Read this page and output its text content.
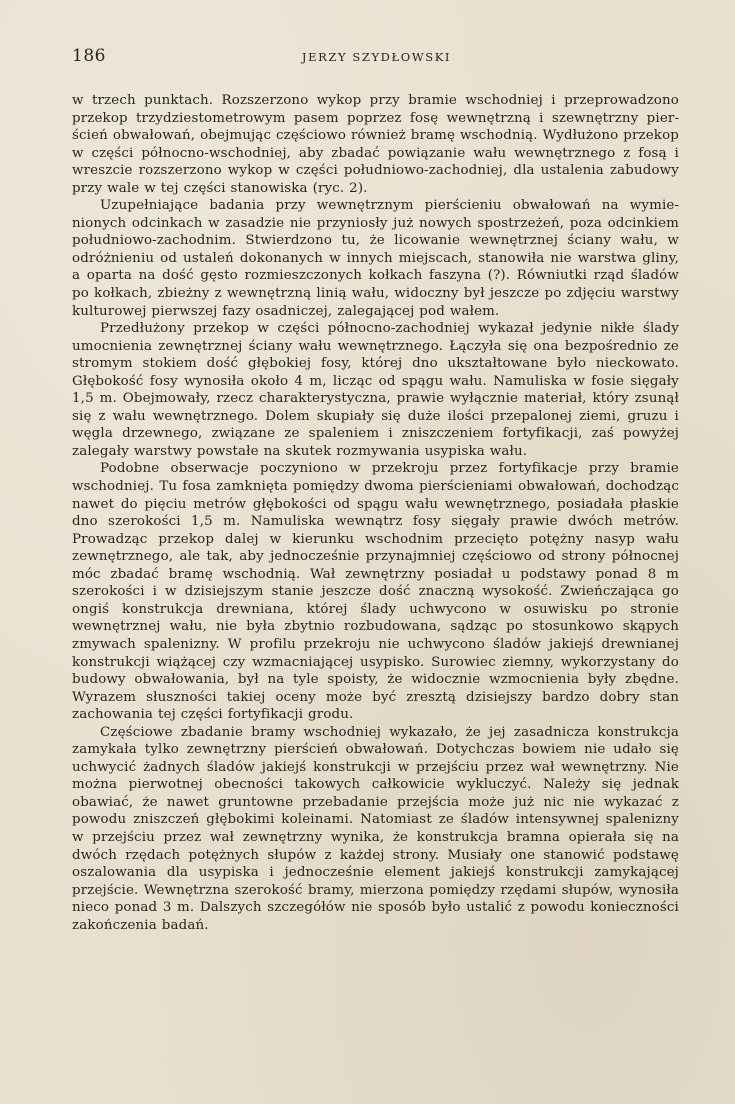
186	JERZY SZYDŁOWSKI

w trzech punktach. Rozszerzono wykop przy bramie wschodniej i przeprowadzono przekop trzydziestometrowym pasem poprzez fosę wewnętrzną i szewnętrzny pierścień obwałowań, obejmując częściowo również bramę wschodnią. Wydłużono przekop w części północno-wschodniej, aby zbadać powiązanie wału wewnętrznego z fosą i wreszcie rozszerzono wykop w części południowo-zachodniej, dla ustalenia zabudowy przy wale w tej części stanowiska (ryc. 2).

Uzupełniające badania przy wewnętrznym pierścieniu obwałowań na wymienionych odcinkach w zasadzie nie przyniosły już nowych spostrzeżeń, poza odcinkiem południowo-zachodnim. Stwierdzono tu, że licowanie wewnętrznej ściany wału, w odróżnieniu od ustaleń dokonanych w innych miejscach, stanowiła nie warstwa gliny, a oparta na dość gęsto rozmieszczonych kołkach faszyna (?). Równiutki rząd śladów po kołkach, zbieżny z wewnętrzną linią wału, widoczny był jeszcze po zdjęciu warstwy kulturowej pierwszej fazy osadniczej, zalegającej pod wałem.

Przedłużony przekop w części północno-zachodniej wykazał jedynie nikłe ślady umocnienia zewnętrznej ściany wału wewnętrznego. Łączyła się ona bezpośrednio ze stromym stokiem dość głębokiej fosy, której dno ukształtowane było nieckowato. Głębokość fosy wynosiła około 4 m, licząc od spągu wału. Namuliska w fosie sięgały 1,5 m. Obejmowały, rzecz charakterystyczna, prawie wyłącznie materiał, który zsunął się z wału wewnętrznego. Dolem skupiały się duże ilości przepalonej ziemi, gruzu i węgla drzewnego, związane ze spaleniem i zniszczeniem fortyfikacji, zaś powyżej zalegały warstwy powstałe na skutek rozmywania usypiska wału.

Podobne obserwacje poczyniono w przekroju przez fortyfikacje przy bramie wschodniej. Tu fosa zamknięta pomiędzy dwoma pierścieniami obwałowań, dochodząc nawet do pięciu metrów głębokości od spągu wału wewnętrznego, posiadała płaskie dno szerokości 1,5 m. Namuliska wewnątrz fosy sięgały prawie dwóch metrów. Prowadząc przekop dalej w kierunku wschodnim przecięto potężny nasyp wału zewnętrznego, ale tak, aby jednocześnie przynajmniej częściowo od strony północnej móc zbadać bramę wschodnią. Wał zewnętrzny posiadał u podstawy ponad 8 m szerokości i w dzisiejszym stanie jeszcze dość znaczną wysokość. Zwieńczająca go ongiś konstrukcja drewniana, której ślady uchwycono w osuwisku po stronie wewnętrznej wału, nie była zbytnio rozbudowana, sądząc po stosunkowo skąpych zmywach spalenizny. W profilu przekroju nie uchwycono śladów jakiejś drewnianej konstrukcji wiążącej czy wzmacniającej usypisko. Surowiec ziemny, wykorzystany do budowy obwałowania, był na tyle spoisty, że widocznie wzmocnienia były zbędne. Wyrazem słuszności takiej oceny może być zresztą dzisiejszy bardzo dobry stan zachowania tej części fortyfikacji grodu.

Częściowe zbadanie bramy wschodniej wykazało, że jej zasadnicza konstrukcja zamykała tylko zewnętrzny pierścień obwałowań. Dotychczas bowiem nie udało się uchwycić żadnych śladów jakiejś konstrukcji w przejściu przez wał wewnętrzny. Nie można pierwotnej obecności takowych całkowicie wykluczyć. Należy się jednak obawiać, że nawet gruntowne przebadanie przejścia może już nic nie wykazać z powodu zniszczeń głębokimi koleinami. Natomiast ze śladów intensywnej spalenizny w przejściu przez wał zewnętrzny wynika, że konstrukcja bramna opierała się na dwóch rzędach potężnych słupów z każdej strony. Musiały one stanowić podstawę oszalowania dla usypiska i jednocześnie element jakiejś konstrukcji zamykającej przejście. Wewnętrzna szerokość bramy, mierzona pomiędzy rzędami słupów, wynosiła nieco ponad 3 m. Dalszych szczegółów nie sposób było ustalić z powodu konieczności zakończenia badań.
